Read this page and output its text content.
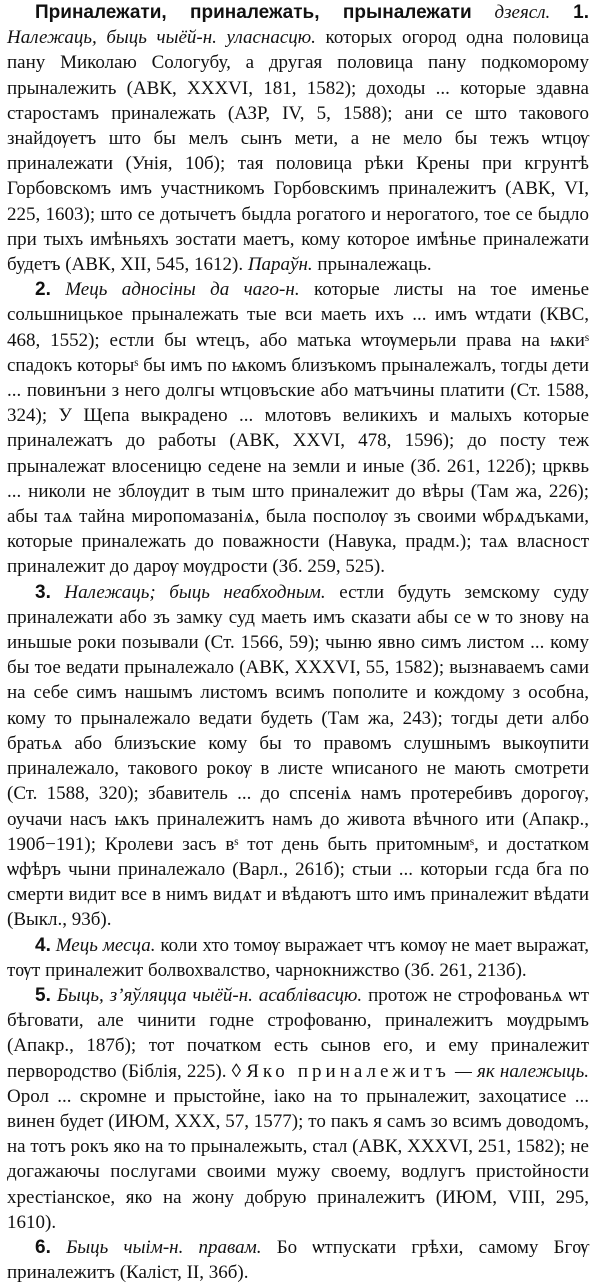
Приналежати, приналежать, прыналежати дзеясл. 1. Належаць, быць чыёй-н. уласнасцю. которых огород одна половица пану Миколаю Сологубу, а другая половица пану подкоморому прыналежить (АВК, XXXVI, 181, 1582); доходы ... которые здавна старостамъ приналежать (АЗР, IV, 5, 1588); ани се што такового знайдѹетъ што бы мелъ сынъ мети, а не мело бы тежъ ѡтцѹ приналежати (Унія, 10б); тая половица рѣки Крены при кгрунтѣ Горбовскомъ имъ участникомъ Горбовскимъ приналежитъ (АВК, VI, 225, 1603); што се дотычетъ быдла рогатого и нерогатого, тое се быдло при тыхъ имѣньяхъ зостати маетъ, кому которое имѣнье приналежати будетъ (АВК, XII, 545, 1612). Параўн. прыналежаць.

2. Мець адносіны да чаго-н. которые листы на тое именье сольшницькое прыналежать тые вси маеть ихъ ... имъ ѡтдати (КВС, 468, 1552); естли бы ѡтецъ, або матька ѡтѹмерьли права на ѩкиˢ спадокъ которыˢ бы имъ по ѩкомъ близъкомъ прыналежалъ, тогды дети ... повинъни з него долгы ѡтцовъские або матъчины платити (Ст. 1588, 324); У Щепа выкрадено ... млотовъ великихъ и малыхъ которые приналежатъ до работы (АВК, XXVI, 478, 1596); до посту теж прыналежат влосеницю седене на земли и иные (Зб. 261, 122б); црквь ... николи не зблѹдит в тым што приналежит до вѣры (Там жа, 226); абы таѧ тайна миропомазаніѧ, была посполѹ зъ своими ѡбрѧдъками, которые приналежать до поважности (Навука, прадм.); таѧ власност приналежит до дарѹ мѹдрости (Зб. 259, 525).

3. Належаць; быць неабходным. естли будуть земскому суду приналежати або зъ замку суд маеть имъ сказати абы се ѡ то знову на иньшые роки позывали (Ст. 1566, 59); чыню явно симъ листом ... кому бы тое ведати прыналежало (АВК, XXXVI, 55, 1582); вызнаваемъ сами на себе симъ нашымъ листомъ всимъ пополите и кождому з особна, кому то прыналежало ведати будеть (Там жа, 243); тогды дети албо братьѧ або близъские кому бы то правомъ слушнымъ выкѹпити приналежало, такового рокѹ в листе ѡписаного не мають смотрети (Ст. 1588, 320); збавитель ... до спсеніѧ намъ протеребивъ дорогѹ, оучачи насъ ѩкъ приналежитъ намъ до живота вѣчного ити (Апакр., 190б−191); Кролеви засъ вˢ тот день быть притомнымˢ, и достатком ѡфѣръ чыни приналежало (Варл., 261б); стыи ... которыи гсда бга по смерти видит все в нимъ видѧт и вѣдаютъ што имъ приналежит вѣдати (Выкл., 93б).

4. Мець месца. коли хто томѹ выражает чтъ комѹ не мает выражат, тѹт приналежит болвохвалство, чарнокнижство (Зб. 261, 213б).

5. Быць, з’яўляцца чыёй-н. асаблівасцю. протож не строфованьѧ ѡт бѣговати, але чинити годне строфованю, приналежитъ мѹдрымъ (Апакр., 187б); тот початком есть сынов его, и ему приналежит первородство (Біблія, 225). ◊ Яко приналежитъ — як належыць. Орол ... скромне и прыстойне, іако на то прыналежит, захоцатисе ... винен будет (ИЮМ, XXX, 57, 1577); то пакъ я самъ зо всимъ доводомъ, на тотъ рокъ яко на то прыналежыть, стал (АВК, XXXVI, 251, 1582); не догажаючы послугами своими мужу своему, водлугъ пристойности хрестіанское, яко на жону добрую приналежитъ (ИЮМ, VIII, 295, 1610).

6. Быць чыім-н. правам. Бо ѡтпускати грѣхи, самому Бгѹ приналежитъ (Каліст, II, 36б).
